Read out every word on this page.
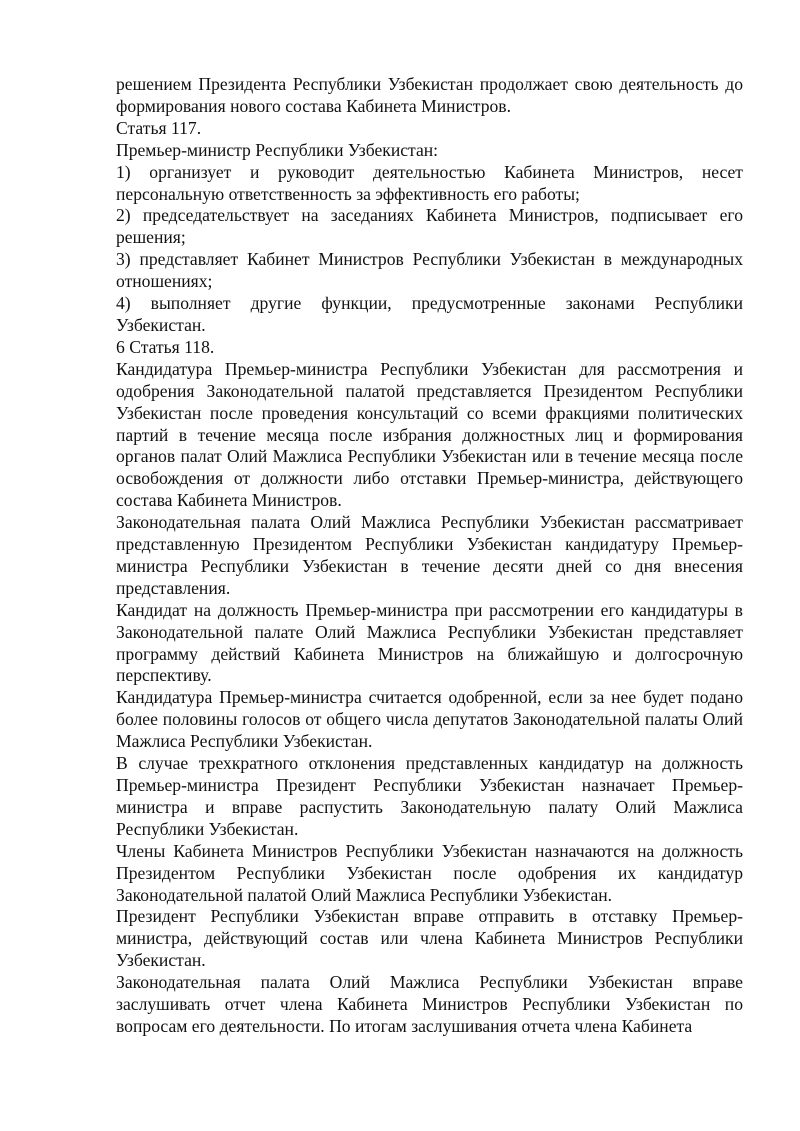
решением Президента Республики Узбекистан продолжает свою деятельность до формирования нового состава Кабинета Министров.

Статья 117.

Премьер-министр Республики Узбекистан:

1) организует и руководит деятельностью Кабинета Министров, несет персональную ответственность за эффективность его работы;

2) председательствует на заседаниях Кабинета Министров, подписывает его решения;

3) представляет Кабинет Министров Республики Узбекистан в международных отношениях;

4) выполняет другие функции, предусмотренные законами Республики Узбекистан.

6 Статья 118.

Кандидатура Премьер-министра Республики Узбекистан для рассмотрения и одобрения Законодательной палатой представляется Президентом Республики Узбекистан после проведения консультаций со всеми фракциями политических партий в течение месяца после избрания должностных лиц и формирования органов палат Олий Мажлиса Республики Узбекистан или в течение месяца после освобождения от должности либо отставки Премьер-министра, действующего состава Кабинета Министров.

Законодательная палата Олий Мажлиса Республики Узбекистан рассматривает представленную Президентом Республики Узбекистан кандидатуру Премьер-министра Республики Узбекистан в течение десяти дней со дня внесения представления.

Кандидат на должность Премьер-министра при рассмотрении его кандидатуры в Законодательной палате Олий Мажлиса Республики Узбекистан представляет программу действий Кабинета Министров на ближайшую и долгосрочную перспективу.

Кандидатура Премьер-министра считается одобренной, если за нее будет подано более половины голосов от общего числа депутатов Законодательной палаты Олий Мажлиса Республики Узбекистан.

В случае трехкратного отклонения представленных кандидатур на должность Премьер-министра Президент Республики Узбекистан назначает Премьер-министра и вправе распустить Законодательную палату Олий Мажлиса Республики Узбекистан.

Члены Кабинета Министров Республики Узбекистан назначаются на должность Президентом Республики Узбекистан после одобрения их кандидатур Законодательной палатой Олий Мажлиса Республики Узбекистан.

Президент Республики Узбекистан вправе отправить в отставку Премьер-министра, действующий состав или члена Кабинета Министров Республики Узбекистан.

Законодательная палата Олий Мажлиса Республики Узбекистан вправе заслушивать отчет члена Кабинета Министров Республики Узбекистан по вопросам его деятельности. По итогам заслушивания отчета члена Кабинета
